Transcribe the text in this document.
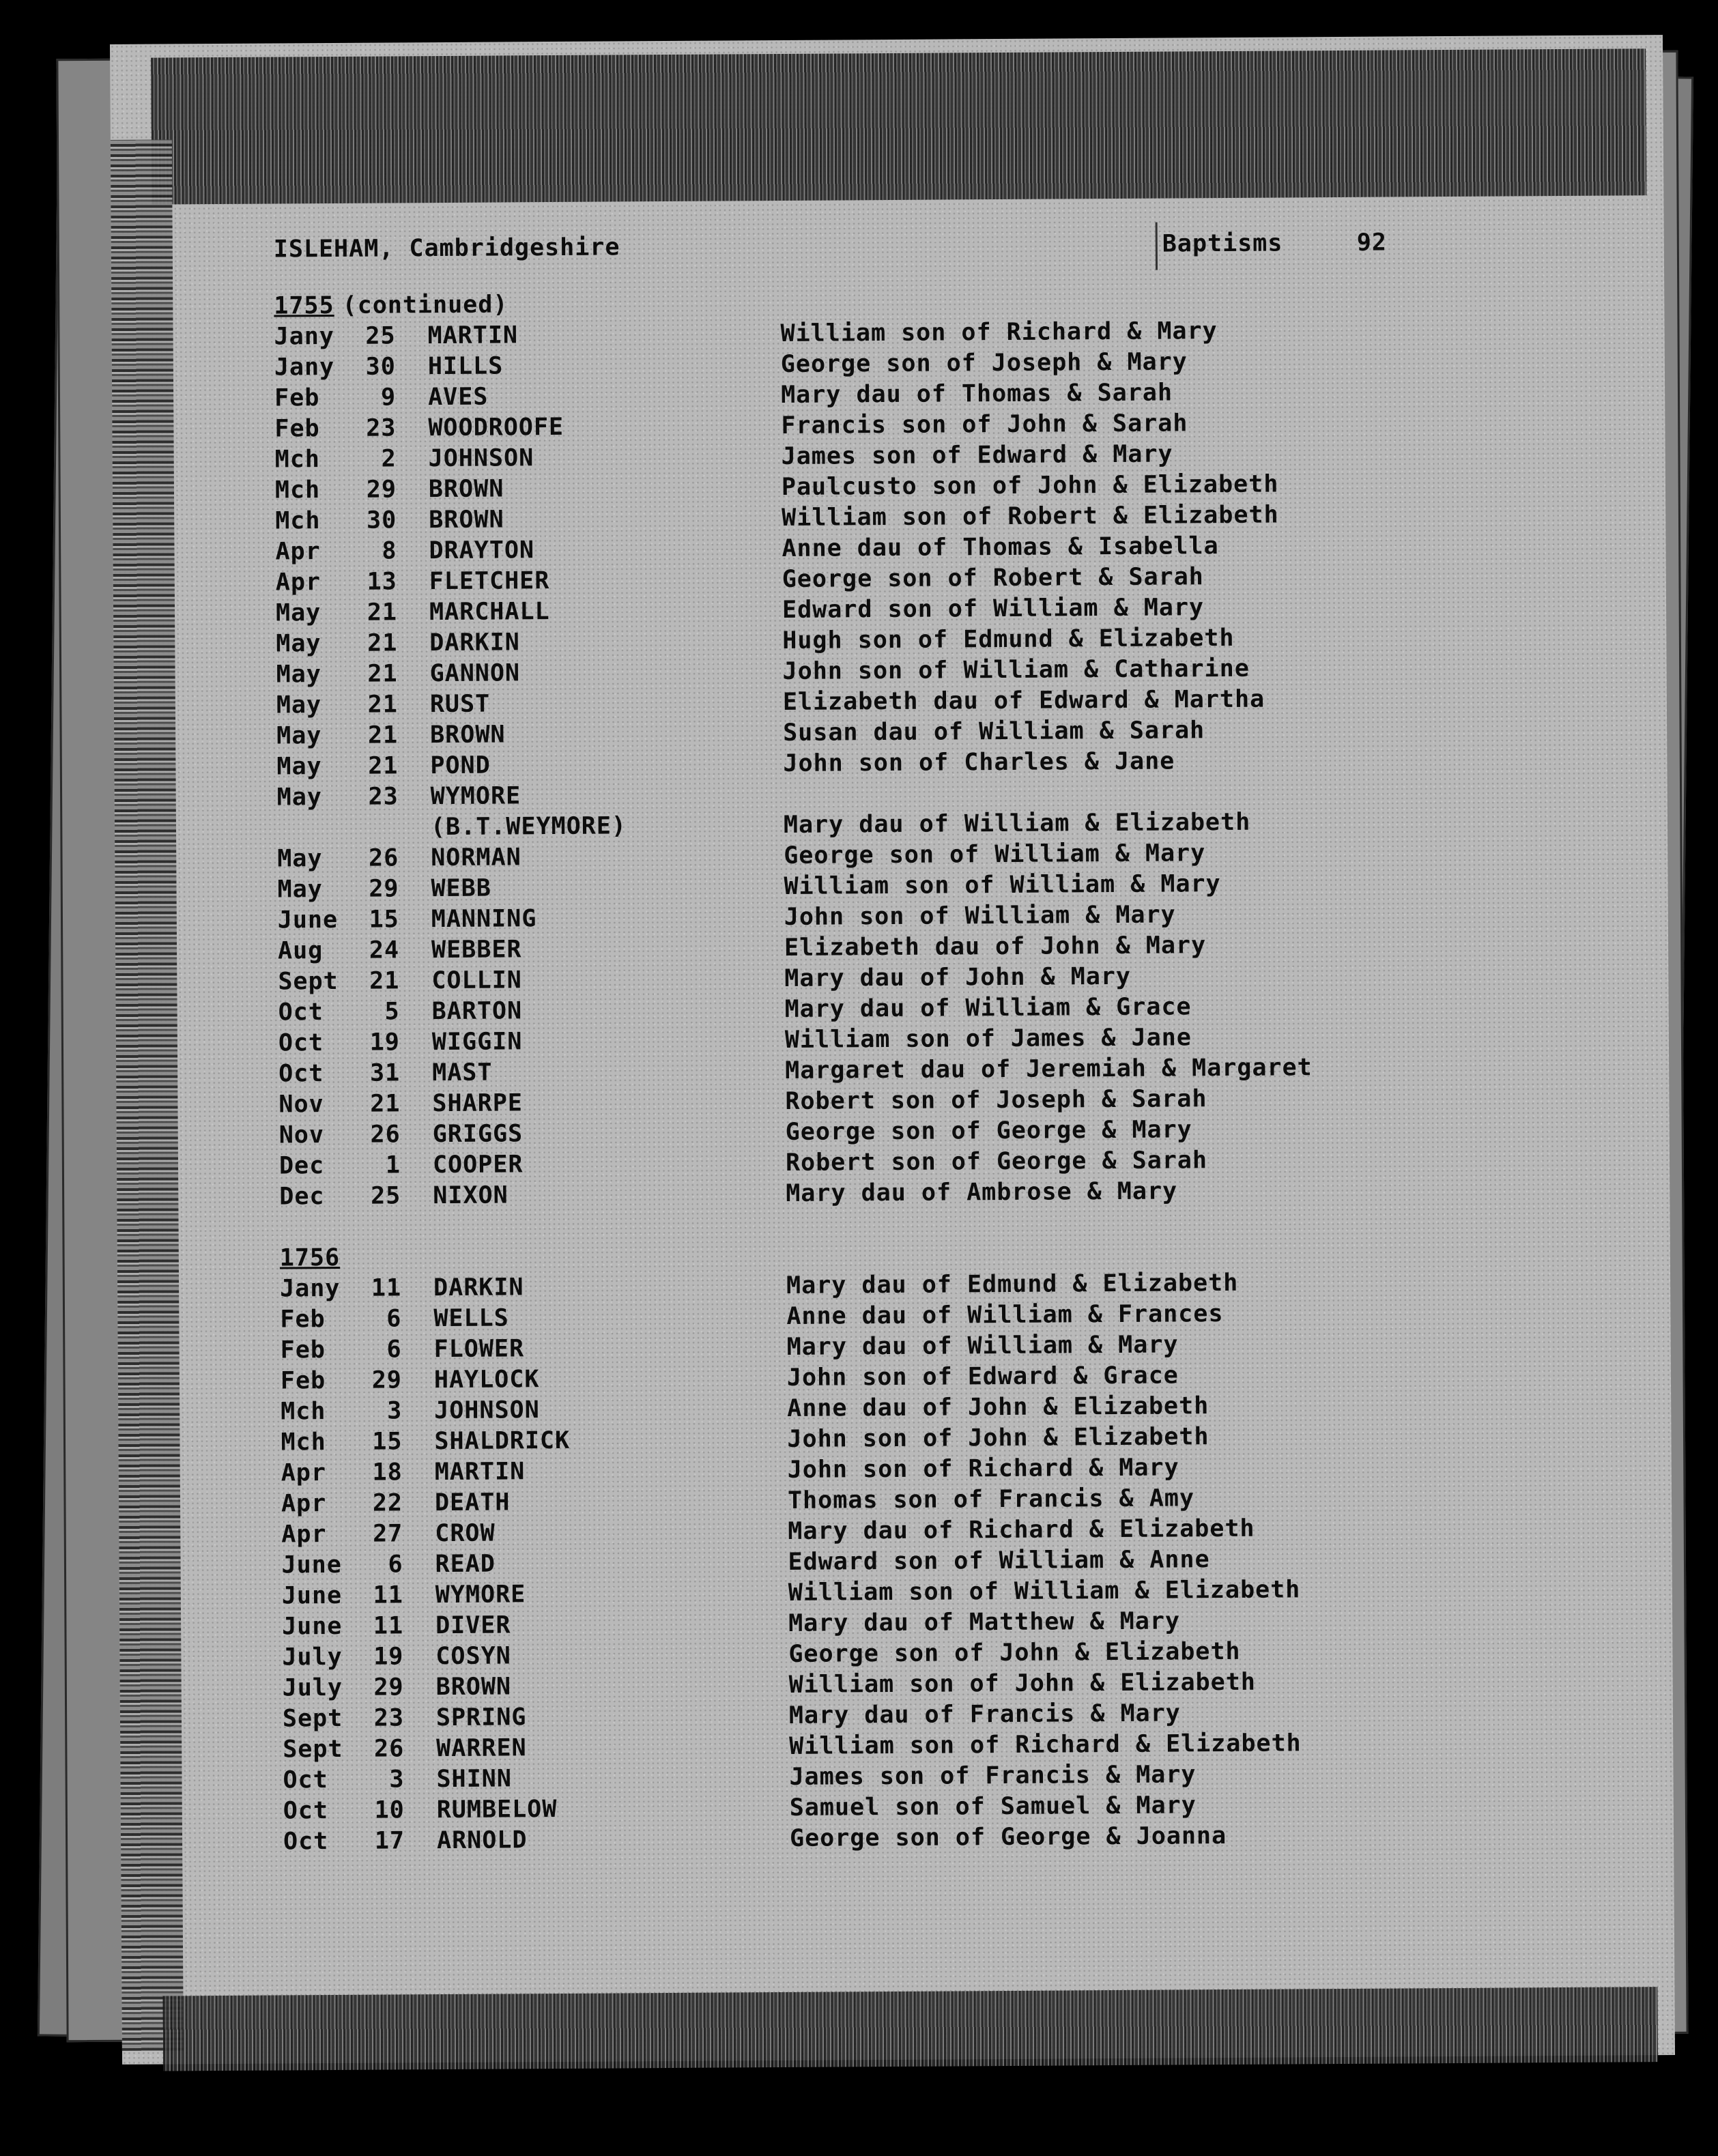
ISLEHAM, Cambridgeshire	Baptisms	92
1755 (continued)
Jany	25 MARTIN	William son of Richard & Mary
Jany	30 HILLS	George son of Joseph & Mary
Feb	9 AVES	Mary dau of Thomas & Sarah
Feb	23 WOODROOFE	Francis son of John & Sarah
Mch	2 JOHNSON	James son of Edward & Mary
Mch	29 BROWN	Paulcusto son of John & Elizabeth
Mch	30 BROWN	William son of Robert & Elizabeth
Apr	8 DRAYTON	Anne dau of Thomas & Isabella
Apr	13 FLETCHER	George son of Robert & Sarah
May	21 MARCHALL	Edward son of William & Mary
May	21 DARKIN	Hugh son of Edmund & Elizabeth
May	21 GANNON	John son of William & Catharine
May	21 RUST	Elizabeth dau of Edward & Martha
May	21 BROWN	Susan dau of William & Sarah
May	21 POND	John son of Charles & Jane
May	23 WYMORE
(B.T.WEYMORE)	Mary dau of William & Elizabeth
May	26 NORMAN	George son of William & Mary
May	29 WEBB	William son of William & Mary
June	15 MANNING	John son of William & Mary
Aug	24 WEBBER	Elizabeth dau of John & Mary
Sept	21 COLLIN	Mary dau of John & Mary
Oct	5 BARTON	Mary dau of William & Grace
Oct	19 WIGGIN	William son of James & Jane
Oct	31 MAST	Margaret dau of Jeremiah & Margaret
Nov	21 SHARPE	Robert son of Joseph & Sarah
Nov	26 GRIGGS	George son of George & Mary
Dec	1 COOPER	Robert son of George & Sarah
Dec	25 NIXON	Mary dau of Ambrose & Mary
1756
Jany	11 DARKIN	Mary dau of Edmund & Elizabeth
Feb	6 WELLS	Anne dau of William & Frances
Feb	6 FLOWER	Mary dau of William & Mary
Feb	29 HAYLOCK	John son of Edward & Grace
Mch	3 JOHNSON	Anne dau of John & Elizabeth
Mch	15 SHALDRICK	John son of John & Elizabeth
Apr	18 MARTIN	John son of Richard & Mary
Apr	22 DEATH	Thomas son of Francis & Amy
Apr	27 CROW	Mary dau of Richard & Elizabeth
June	6 READ	Edward son of William & Anne
June	11 WYMORE	William son of William & Elizabeth
June	11 DIVER	Mary dau of Matthew & Mary
July	19 COSYN	George son of John & Elizabeth
July	29 BROWN	William son of John & Elizabeth
Sept	23 SPRING	Mary dau of Francis & Mary
Sept	26 WARREN	William son of Richard & Elizabeth
Oct	3 SHINN	James son of Francis & Mary
Oct	10 RUMBELOW	Samuel son of Samuel & Mary
Oct	17 ARNOLD	George son of George & Joanna
